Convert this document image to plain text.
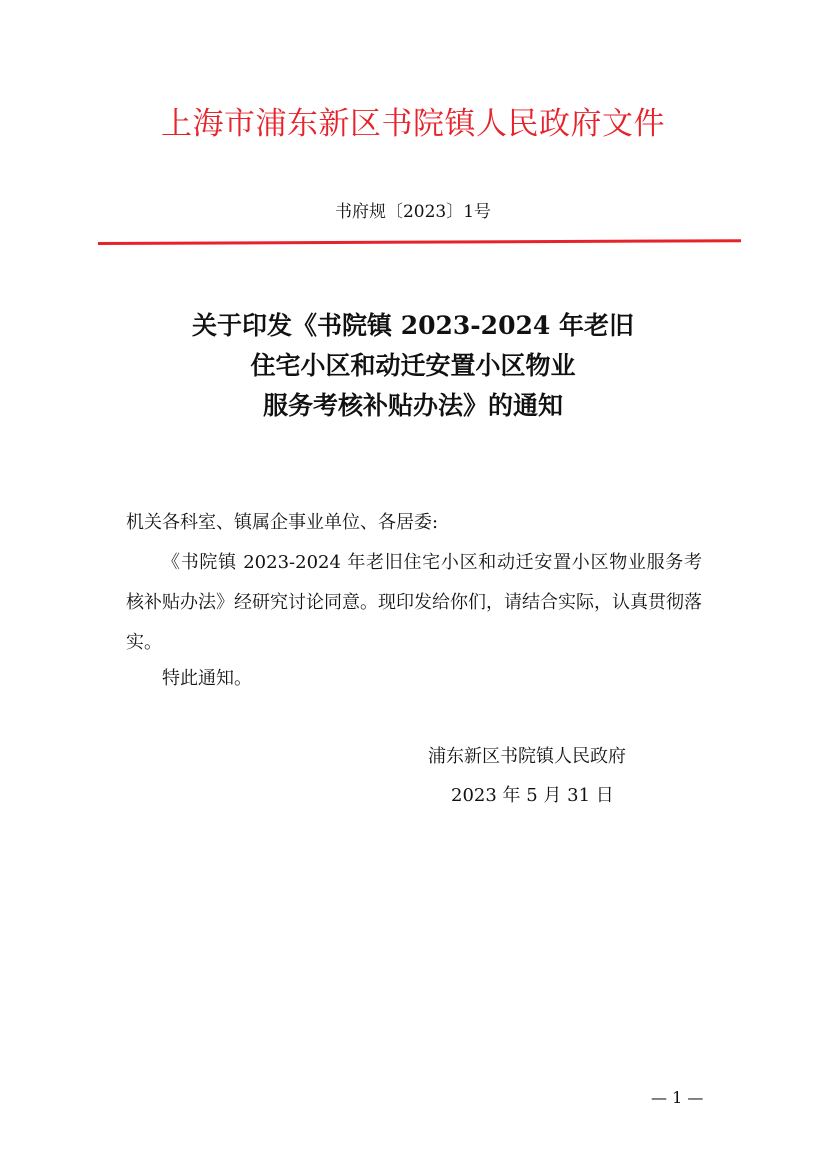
上海市浦东新区书院镇人民政府文件
书府规〔2023〕1号
关于印发《书院镇 2023-2024 年老旧
住宅小区和动迁安置小区物业
服务考核补贴办法》的通知
机关各科室、镇属企事业单位、各居委:

《书院镇 2023-2024 年老旧住宅小区和动迁安置小区物业服务考核补贴办法》经研究讨论同意。现印发给你们，请结合实际，认真贯彻落实。

特此通知。
浦东新区书院镇人民政府
2023 年 5 月 31 日
— 1 —
